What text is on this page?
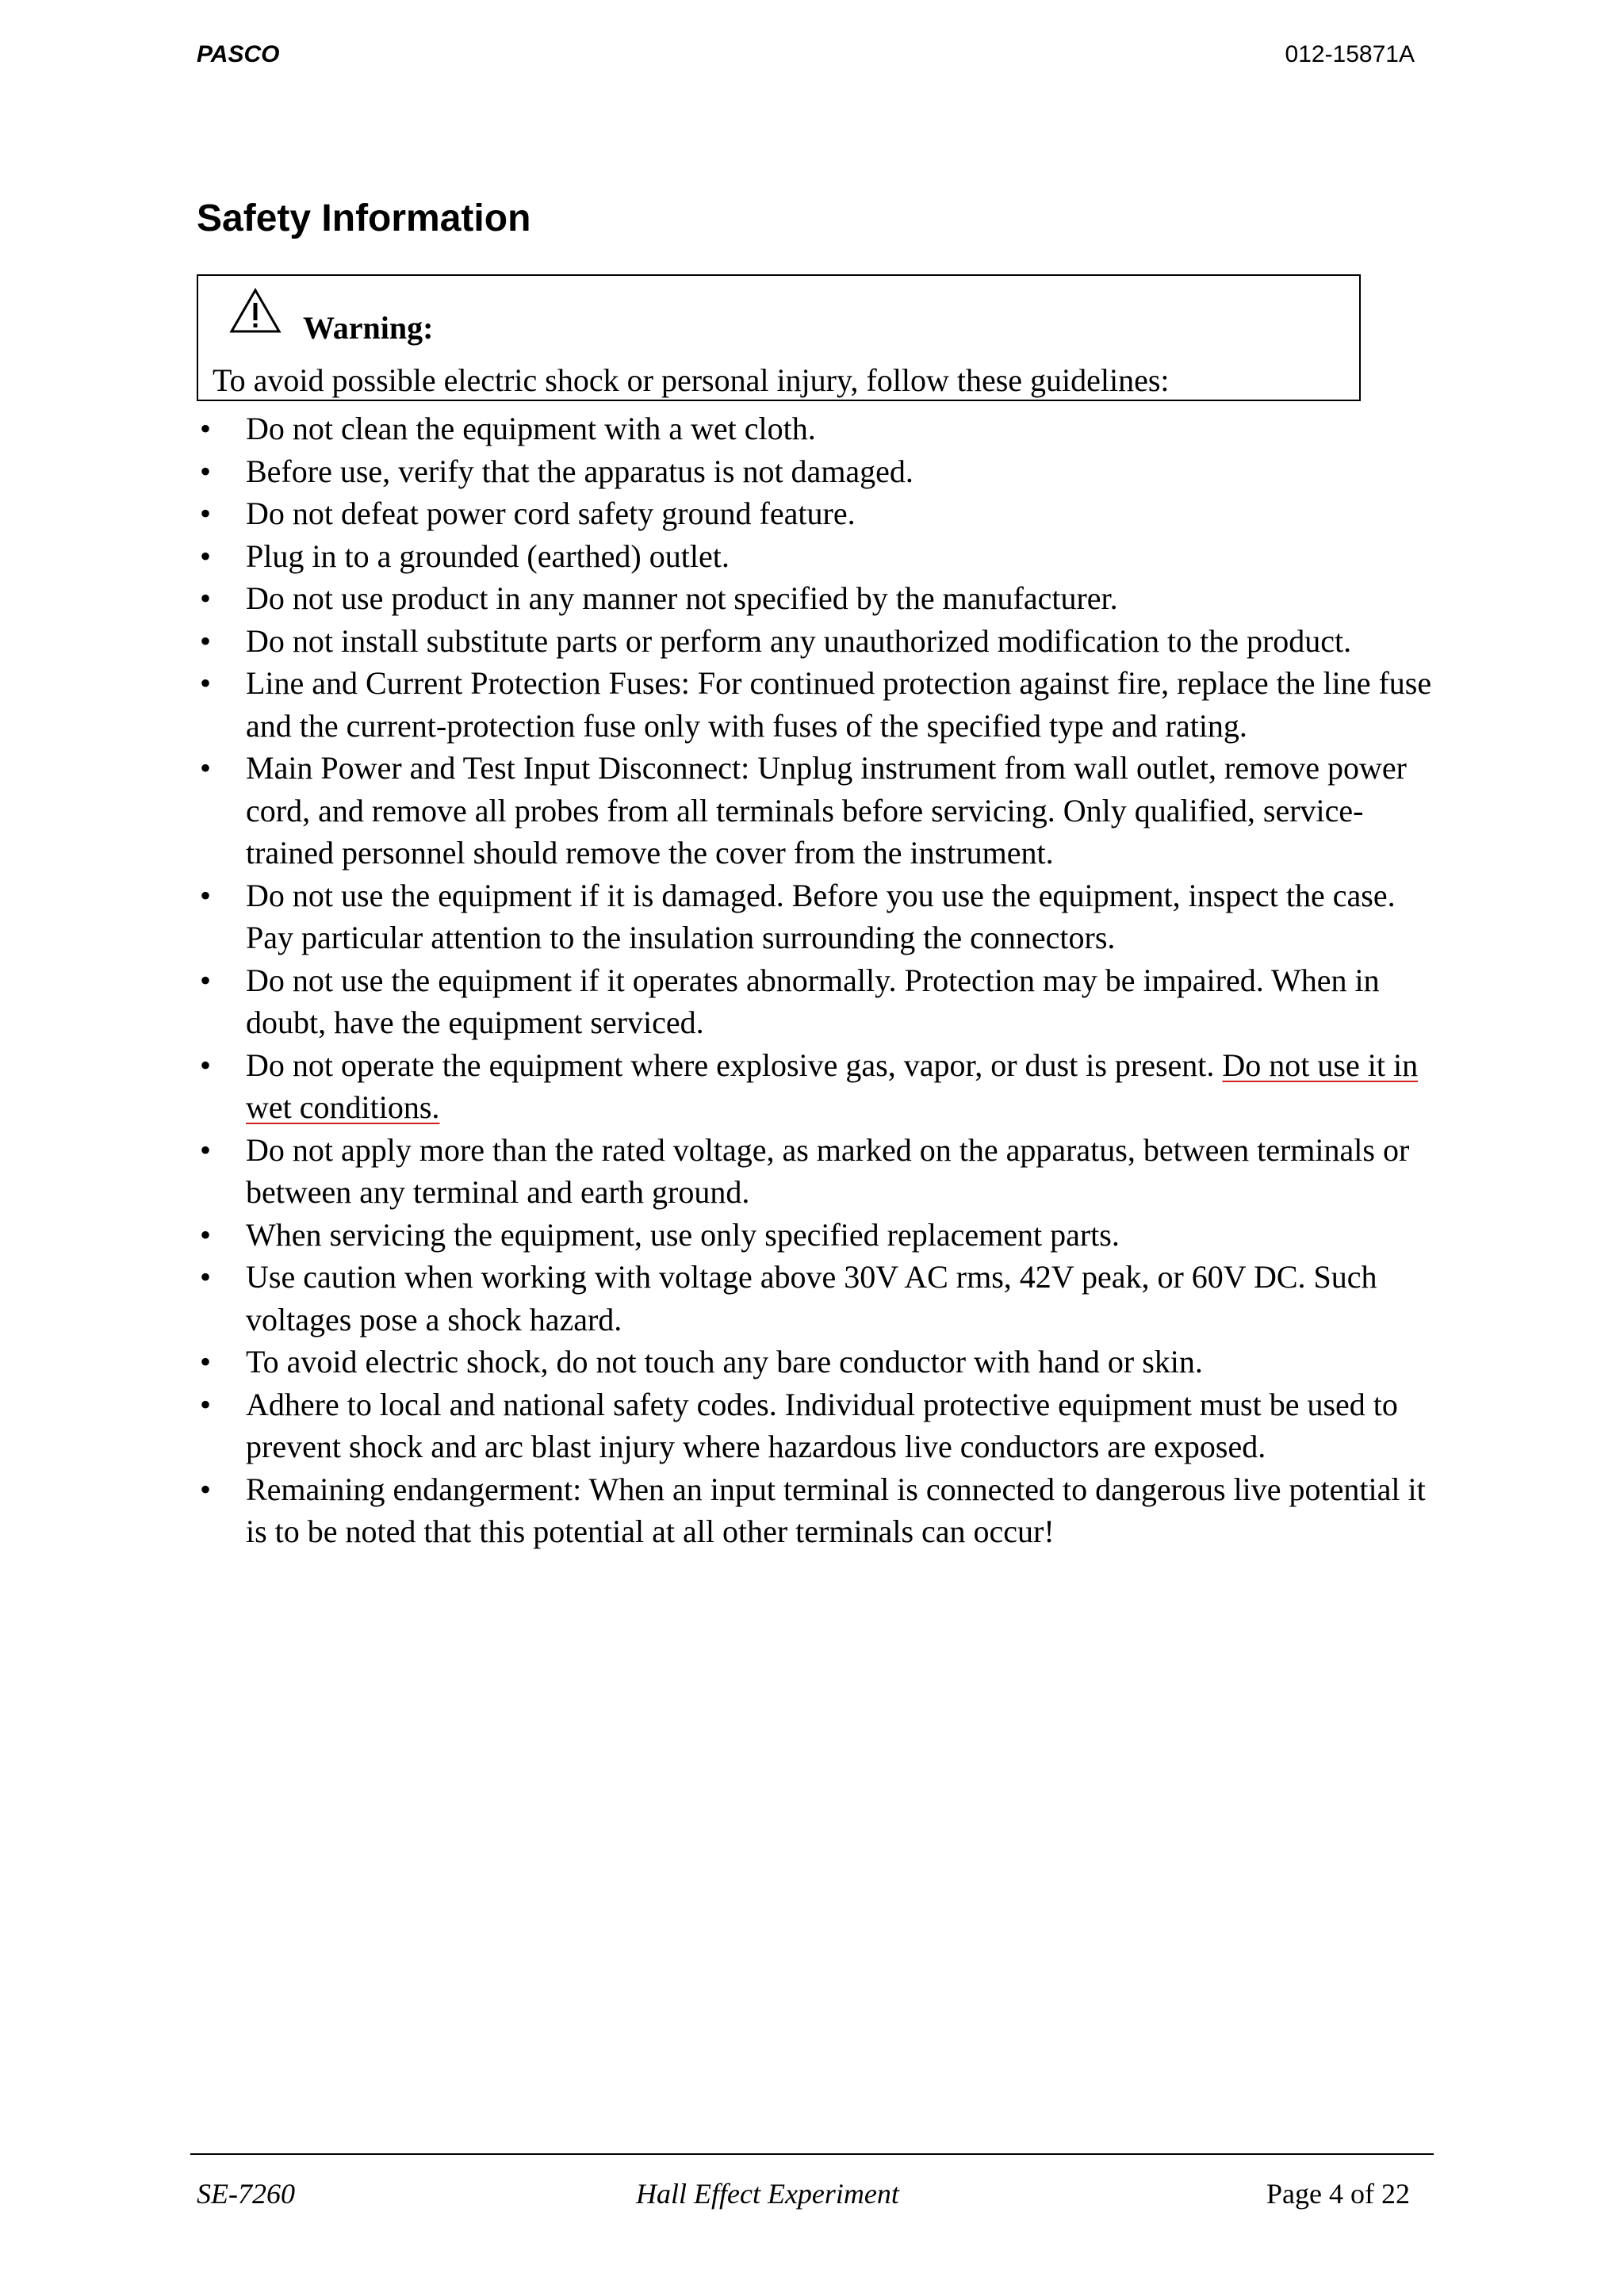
PASCO	012-15871A
Safety Information
Warning:
To avoid possible electric shock or personal injury, follow these guidelines:
• Do not clean the equipment with a wet cloth.
• Before use, verify that the apparatus is not damaged.
• Do not defeat power cord safety ground feature.
• Plug in to a grounded (earthed) outlet.
• Do not use product in any manner not specified by the manufacturer.
• Do not install substitute parts or perform any unauthorized modification to the product.
• Line and Current Protection Fuses: For continued protection against fire, replace the line fuse and the current-protection fuse only with fuses of the specified type and rating.
• Main Power and Test Input Disconnect: Unplug instrument from wall outlet, remove power cord, and remove all probes from all terminals before servicing. Only qualified, service-trained personnel should remove the cover from the instrument.
• Do not use the equipment if it is damaged. Before you use the equipment, inspect the case. Pay particular attention to the insulation surrounding the connectors.
• Do not use the equipment if it operates abnormally. Protection may be impaired. When in doubt, have the equipment serviced.
• Do not operate the equipment where explosive gas, vapor, or dust is present. Do not use it in wet conditions.
• Do not apply more than the rated voltage, as marked on the apparatus, between terminals or between any terminal and earth ground.
• When servicing the equipment, use only specified replacement parts.
• Use caution when working with voltage above 30V AC rms, 42V peak, or 60V DC. Such voltages pose a shock hazard.
• To avoid electric shock, do not touch any bare conductor with hand or skin.
• Adhere to local and national safety codes. Individual protective equipment must be used to prevent shock and arc blast injury where hazardous live conductors are exposed.
• Remaining endangerment: When an input terminal is connected to dangerous live potential it is to be noted that this potential at all other terminals can occur!
SE-7260	Hall Effect Experiment	Page 4 of 22
